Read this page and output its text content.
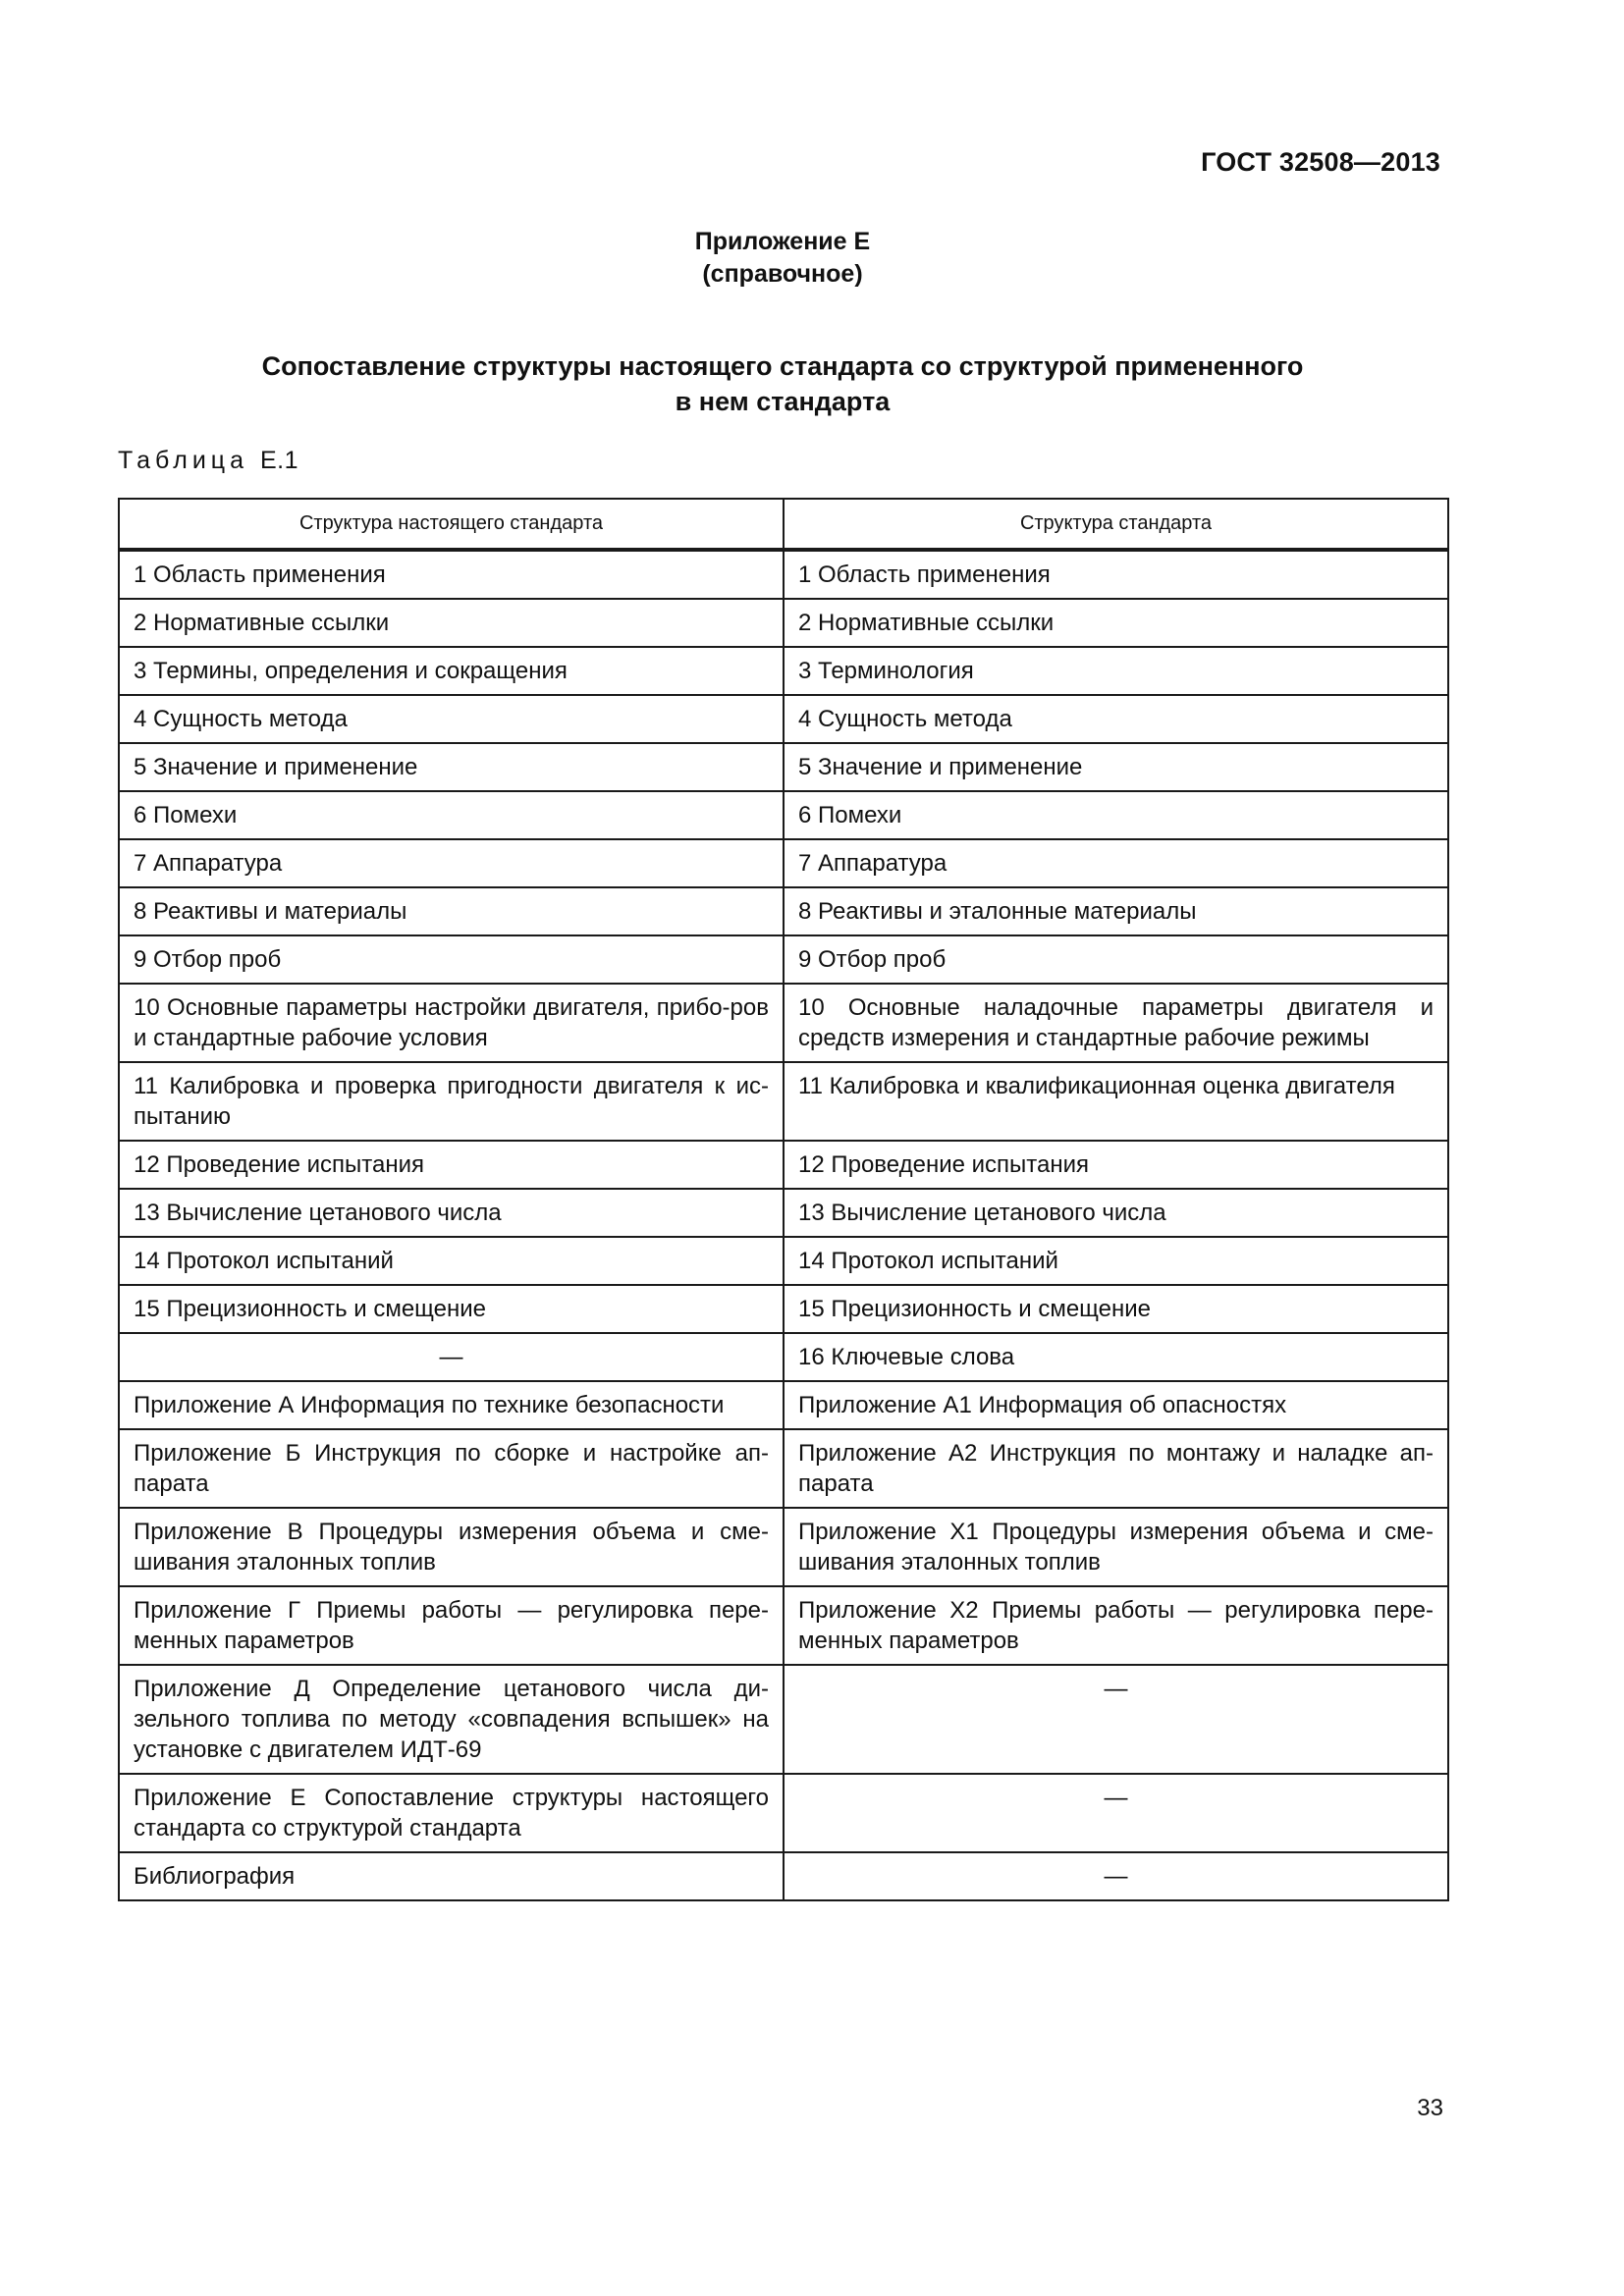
ГОСТ 32508—2013
Приложение Е
(справочное)
Сопоставление структуры настоящего стандарта со структурой примененного
в нем стандарта
Таблица Е.1
Структура настоящего стандарта	Структура стандарта
1 Область применения	1 Область применения
2 Нормативные ссылки	2 Нормативные ссылки
3 Термины, определения и сокращения	3 Терминология
4 Сущность метода	4 Сущность метода
5 Значение и применение	5 Значение и применение
6 Помехи	6 Помехи
7 Аппаратура	7 Аппаратура
8 Реактивы и материалы	8 Реактивы и эталонные материалы
9 Отбор проб	9 Отбор проб
10 Основные параметры настройки двигателя, прибо-ров и стандартные рабочие условия	10 Основные наладочные параметры двигателя и средств измерения и стандартные рабочие режимы
11 Калибровка и проверка пригодности двигателя к ис-пытанию	11 Калибровка и квалификационная оценка двигателя
12 Проведение испытания	12 Проведение испытания
13 Вычисление цетанового числа	13 Вычисление цетанового числа
14 Протокол испытаний	14 Протокол испытаний
15 Прецизионность и смещение	15 Прецизионность и смещение
—	16 Ключевые слова
Приложение А Информация по технике безопасности	Приложение А1 Информация об опасностях
Приложение Б Инструкция по сборке и настройке ап-парата	Приложение А2 Инструкция по монтажу и наладке ап-парата
Приложение В Процедуры измерения объема и сме-шивания эталонных топлив	Приложение X1 Процедуры измерения объема и сме-шивания эталонных топлив
Приложение Г Приемы работы — регулировка пере-менных параметров	Приложение X2 Приемы работы — регулировка пере-менных параметров
Приложение Д Определение цетанового числа ди-зельного топлива по методу «совпадения вспышек» на установке с двигателем ИДТ-69	—
Приложение Е Сопоставление структуры настоящего стандарта со структурой стандарта	—
Библиография	—
33
